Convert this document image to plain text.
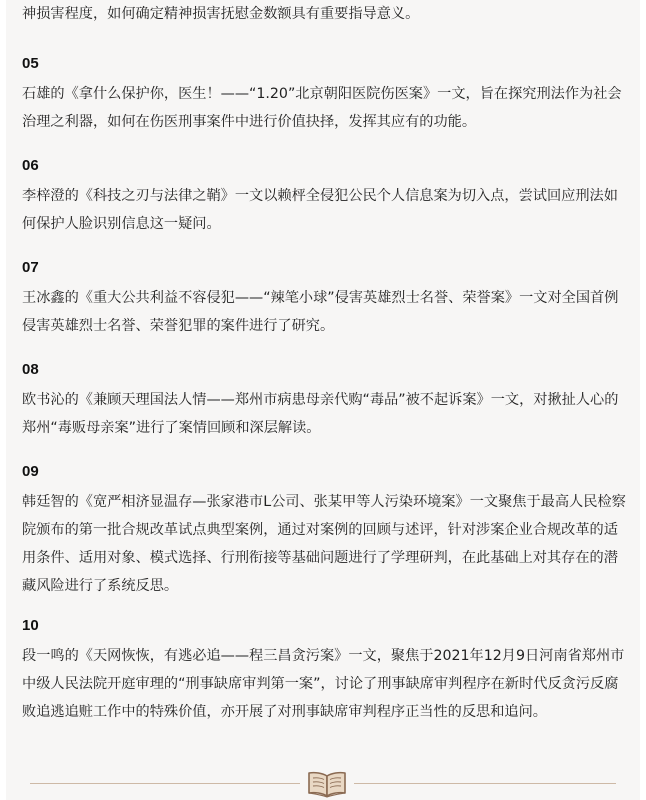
神损害程度，如何确定精神损害抚慰金数额具有重要指导意义。

05

石雄的《拿什么保护你，医生！——“1.20”北京朝阳医院伤医案》一文，旨在探究刑法作为社会治理之利器，如何在伤医刑事案件中进行价值抉择，发挥其应有的功能。

06

李梓澄的《科技之刃与法律之鞘》一文以赖枰全侵犯公民个人信息案为切入点，尝试回应刑法如何保护人脸识别信息这一疑问。

07

王冰鑫的《重大公共利益不容侵犯——“辣笔小球”侵害英雄烈士名誉、荣誉案》一文对全国首例侵害英雄烈士名誉、荣誉犯罪的案件进行了研究。

08

欧书沁的《兼顾天理国法人情——郑州市病患母亲代购“毒品”被不起诉案》一文，对揪扯人心的郑州“毒贩母亲案”进行了案情回顾和深层解读。

09

韩廷智的《宽严相济显温存—张家港市L公司、张某甲等人污染环境案》一文聚焦于最高人民检察院颁布的第一批合规改革试点典型案例，通过对案例的回顾与述评，针对涉案企业合规改革的适用条件、适用对象、模式选择、行刑衔接等基础问题进行了学理研判，在此基础上对其存在的潜藏风险进行了系统反思。

10

段一鸣的《天网恢恢，有逃必追——程三昌贪污案》一文，聚焦于2021年12月9日河南省郑州市中级人民法院开庭审理的“刑事缺席审判第一案”，讨论了刑事缺席审判程序在新时代反贪污反腐败追逃追赃工作中的特殊价值，亦开展了对刑事缺席审判程序正当性的反思和追问。
